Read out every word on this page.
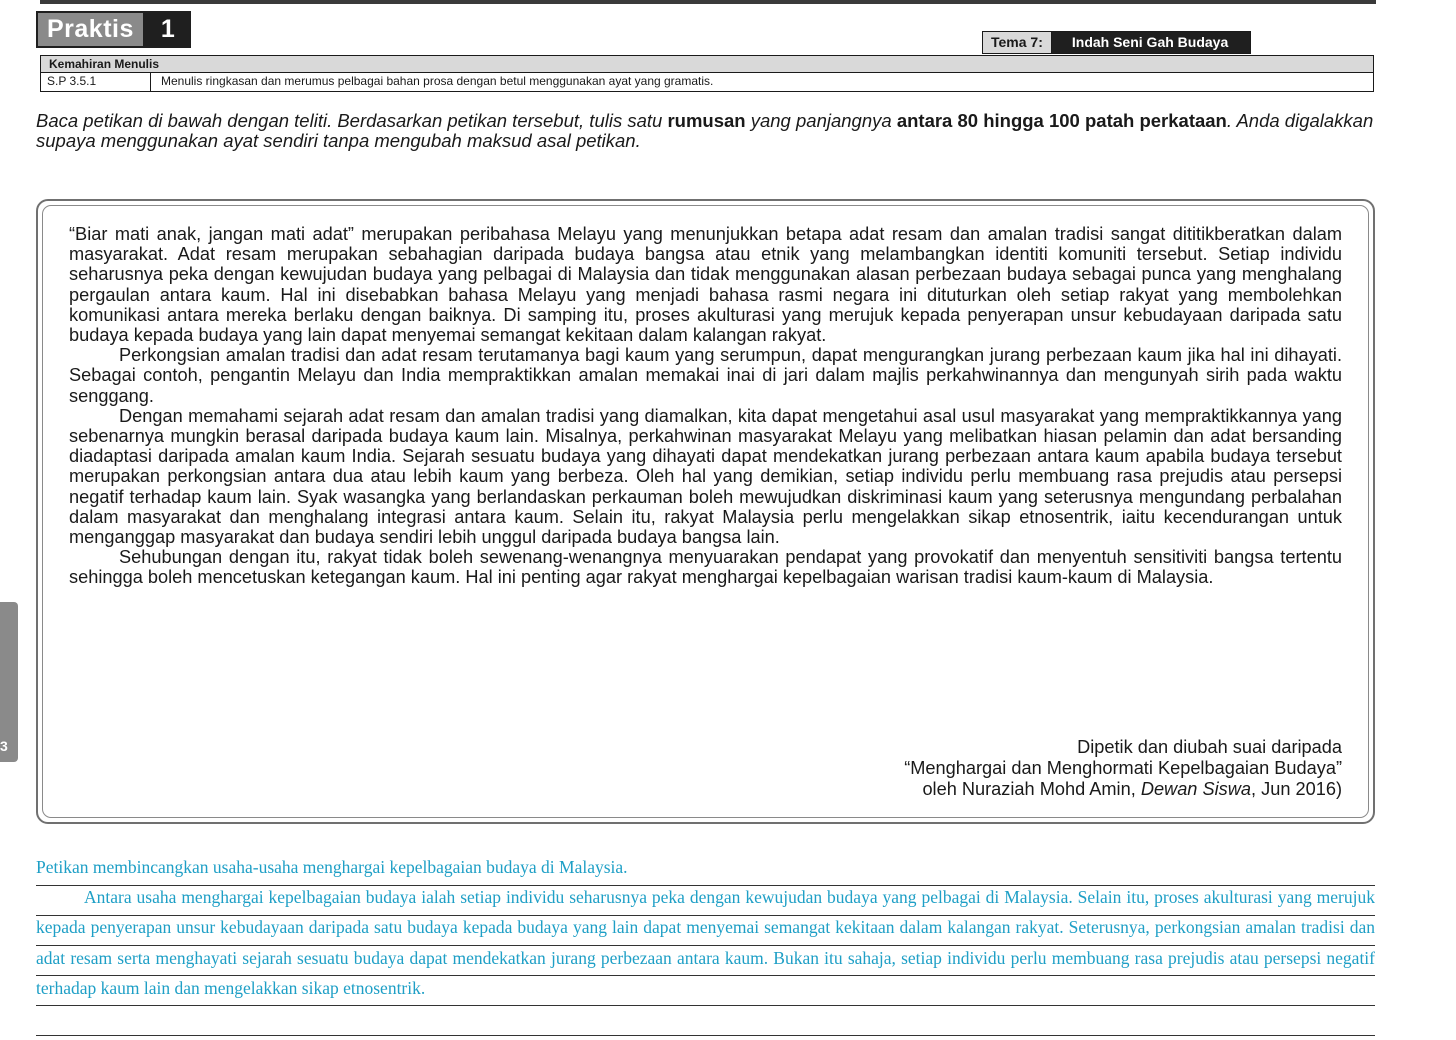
Praktis	1	Tema 7:	Indah Seni Gah Budaya
Kemahiran Menulis
S.P 3.5.1	Menulis ringkasan dan merumus pelbagai bahan prosa dengan betul menggunakan ayat yang gramatis.
Baca petikan di bawah dengan teliti. Berdasarkan petikan tersebut, tulis satu rumusan yang panjangnya antara 80 hingga 100 patah perkataan. Anda digalakkan supaya menggunakan ayat sendiri tanpa mengubah maksud asal petikan.

“Biar mati anak, jangan mati adat” merupakan peribahasa Melayu yang menunjukkan betapa adat resam dan amalan tradisi sangat dititikberatkan dalam masyarakat. Adat resam merupakan sebahagian daripada budaya bangsa atau etnik yang melambangkan identiti komuniti tersebut. Setiap individu seharusnya peka dengan kewujudan budaya yang pelbagai di Malaysia dan tidak menggunakan alasan perbezaan budaya sebagai punca yang menghalang pergaulan antara kaum. Hal ini disebabkan bahasa Melayu yang menjadi bahasa rasmi negara ini dituturkan oleh setiap rakyat yang membolehkan komunikasi antara mereka berlaku dengan baiknya. Di samping itu, proses akulturasi yang merujuk kepada penyerapan unsur kebudayaan daripada satu budaya kepada budaya yang lain dapat menyemai semangat kekitaan dalam kalangan rakyat.

Perkongsian amalan tradisi dan adat resam terutamanya bagi kaum yang serumpun, dapat mengurangkan jurang perbezaan kaum jika hal ini dihayati. Sebagai contoh, pengantin Melayu dan India mempraktikkan amalan memakai inai di jari dalam majlis perkahwinannya dan mengunyah sirih pada waktu senggang.

Dengan memahami sejarah adat resam dan amalan tradisi yang diamalkan, kita dapat mengetahui asal usul masyarakat yang mempraktikkannya yang sebenarnya mungkin berasal daripada budaya kaum lain. Misalnya, perkahwinan masyarakat Melayu yang melibatkan hiasan pelamin dan adat bersanding diadaptasi daripada amalan kaum India. Sejarah sesuatu budaya yang dihayati dapat mendekatkan jurang perbezaan antara kaum apabila budaya tersebut merupakan perkongsian antara dua atau lebih kaum yang berbeza. Oleh hal yang demikian, setiap individu perlu membuang rasa prejudis atau persepsi negatif terhadap kaum lain. Syak wasangka yang berlandaskan perkauman boleh mewujudkan diskriminasi kaum yang seterusnya mengundang perbalahan dalam masyarakat dan menghalang integrasi antara kaum. Selain itu, rakyat Malaysia perlu mengelakkan sikap etnosentrik, iaitu kecendurangan untuk menganggap masyarakat dan budaya sendiri lebih unggul daripada budaya bangsa lain.

Sehubungan dengan itu, rakyat tidak boleh sewenang-wenangnya menyuarakan pendapat yang provokatif dan menyentuh sensitiviti bangsa tertentu sehingga boleh mencetuskan ketegangan kaum. Hal ini penting agar rakyat menghargai kepelbagaian warisan tradisi kaum-kaum di Malaysia.

Dipetik dan diubah suai daripada
“Menghargai dan Menghormati Kepelbagaian Budaya”
oleh Nuraziah Mohd Amin, Dewan Siswa, Jun 2016)
3

Petikan membincangkan usaha-usaha menghargai kepelbagaian budaya di Malaysia.

Antara usaha menghargai kepelbagaian budaya ialah setiap individu seharusnya peka dengan kewujudan budaya yang pelbagai di Malaysia. Selain itu, proses akulturasi yang merujuk kepada penyerapan unsur kebudayaan daripada satu budaya kepada budaya yang lain dapat menyemai semangat kekitaan dalam kalangan rakyat. Seterusnya, perkongsian amalan tradisi dan adat resam serta menghayati sejarah sesuatu budaya dapat mendekatkan jurang perbezaan antara kaum. Bukan itu sahaja, setiap individu perlu membuang rasa prejudis atau persepsi negatif terhadap kaum lain dan mengelakkan sikap etnosentrik.
